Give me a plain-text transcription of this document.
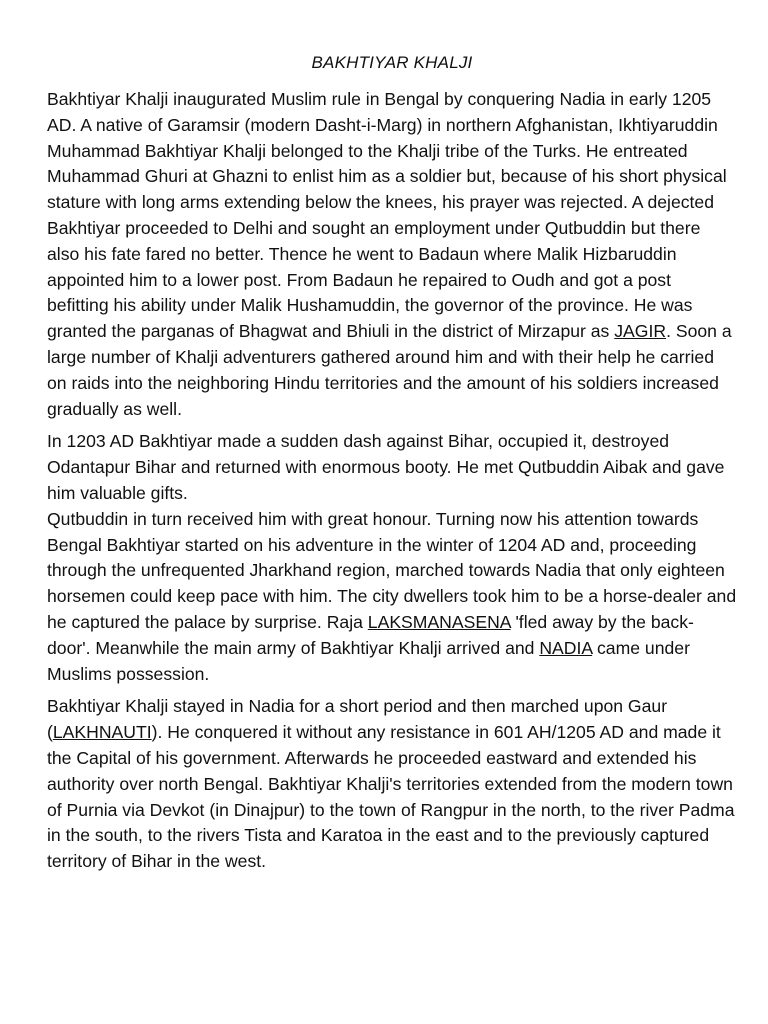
BAKHTIYAR KHALJI

Bakhtiyar Khalji inaugurated Muslim rule in Bengal by conquering Nadia in early 1205 AD. A native of Garamsir (modern Dasht-i-Marg) in northern Afghanistan, Ikhtiyaruddin Muhammad Bakhtiyar Khalji belonged to the Khalji tribe of the Turks. He entreated Muhammad Ghuri at Ghazni to enlist him as a soldier but, because of his short physical stature with long arms extending below the knees, his prayer was rejected. A dejected Bakhtiyar proceeded to Delhi and sought an employment under Qutbuddin but there also his fate fared no better. Thence he went to Badaun where Malik Hizbaruddin appointed him to a lower post. From Badaun he repaired to Oudh and got a post befitting his ability under Malik Hushamuddin, the governor of the province. He was granted the parganas of Bhagwat and Bhiuli in the district of Mirzapur as JAGIR. Soon a large number of Khalji adventurers gathered around him and with their help he carried on raids into the neighboring Hindu territories and the amount of his soldiers increased gradually as well.

In 1203 AD Bakhtiyar made a sudden dash against Bihar, occupied it, destroyed Odantapur Bihar and returned with enormous booty. He met Qutbuddin Aibak and gave him valuable gifts.

Qutbuddin in turn received him with great honour. Turning now his attention towards Bengal Bakhtiyar started on his adventure in the winter of 1204 AD and, proceeding through the unfrequented Jharkhand region, marched towards Nadia that only eighteen horsemen could keep pace with him. The city dwellers took him to be a horse-dealer and he captured the palace by surprise. Raja LAKSMANASENA 'fled away by the back-door'. Meanwhile the main army of Bakhtiyar Khalji arrived and NADIA came under Muslims possession.

Bakhtiyar Khalji stayed in Nadia for a short period and then marched upon Gaur (LAKHNAUTI). He conquered it without any resistance in 601 AH/1205 AD and made it the Capital of his government. Afterwards he proceeded eastward and extended his authority over north Bengal. Bakhtiyar Khalji's territories extended from the modern town of Purnia via Devkot (in Dinajpur) to the town of Rangpur in the north, to the river Padma in the south, to the rivers Tista and Karatoa in the east and to the previously captured territory of Bihar in the west.
